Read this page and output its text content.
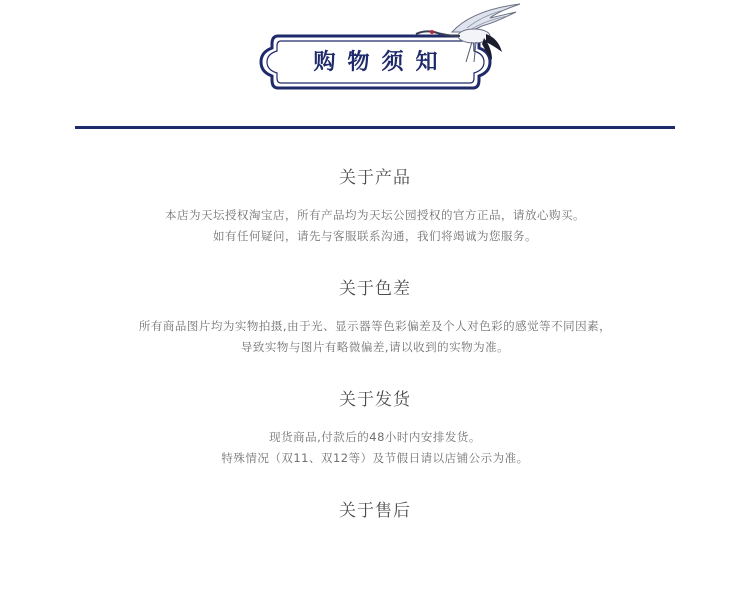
购物须知
关于产品
本店为天坛授权淘宝店，所有产品均为天坛公园授权的官方正品，请放心购买。
如有任何疑问，请先与客服联系沟通，我们将竭诚为您服务。
关于色差
所有商品图片均为实物拍摄,由于光、显示器等色彩偏差及个人对色彩的感觉等不同因素，
导致实物与图片有略微偏差,请以收到的实物为准。
关于发货
现货商品,付款后的48小时内安排发货。
特殊情况（双11、双12等）及节假日请以店铺公示为准。
关于售后
